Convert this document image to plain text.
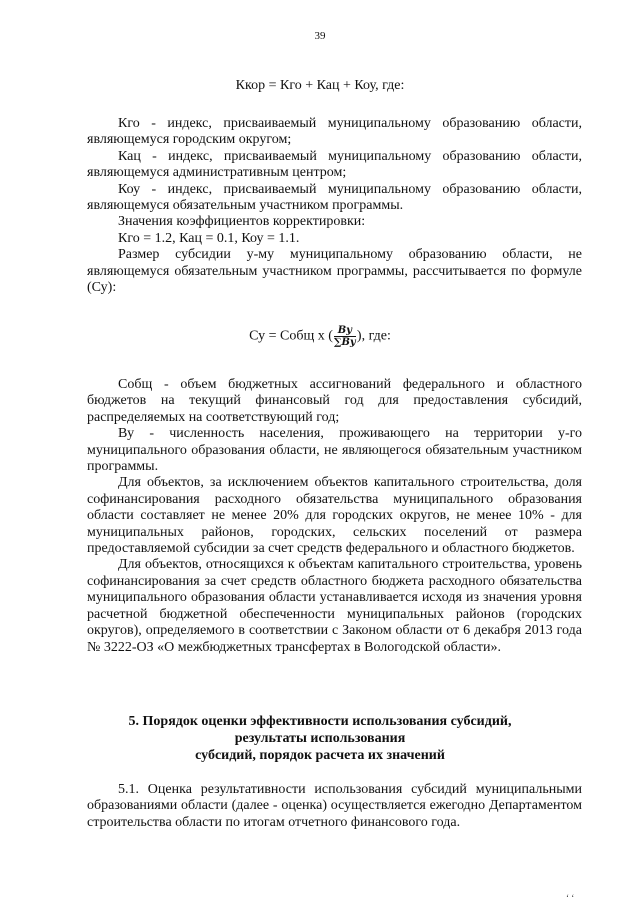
39
Ккор = Кго + Кац + Коу, где:

Кго - индекс, присваиваемый муниципальному образованию области, являющемуся городским округом;

Кац - индекс, присваиваемый муниципальному образованию области, являющемуся административным центром;

Коу - индекс, присваиваемый муниципальному образованию области, являющемуся обязательным участником программы.

Значения коэффициентов корректировки:

Кго = 1.2, Кац = 0.1, Коу = 1.1.

Размер субсидии у-му муниципальному образованию области, не являющемуся обязательным участником программы, рассчитывается по формуле (Су):

Су = Cобщ х ( $\frac{Ву}{\sum Ву}$ ), где:

Cобщ - объем бюджетных ассигнований федерального и областного бюджетов на текущий финансовый год для предоставления субсидий, распределяемых на соответствующий год;

Ву - численность населения, проживающего на территории у-го муниципального образования области, не являющегося обязательным участником программы.

Для объектов, за исключением объектов капитального строительства, доля софинансирования расходного обязательства муниципального образования области составляет не менее 20% для городских округов, не менее 10% - для муниципальных районов, городских, сельских поселений от размера предоставляемой субсидии за счет средств федерального и областного бюджетов.

Для объектов, относящихся к объектам капитального строительства, уровень софинансирования за счет средств областного бюджета расходного обязательства муниципального образования области устанавливается исходя из значения уровня расчетной бюджетной обеспеченности муниципальных районов (городских округов), определяемого в соответствии с Законом области от 6 декабря 2013 года № 3222-ОЗ «О межбюджетных трансфертах в Вологодской области».

5. Порядок оценки эффективности использования субсидий,
результаты использования
субсидий, порядок расчета их значений

5.1. Оценка результативности использования субсидий муниципальными образованиями области (далее - оценка) осуществляется ежегодно Департаментом строительства области по итогам отчетного финансового года.

‘ ‘
